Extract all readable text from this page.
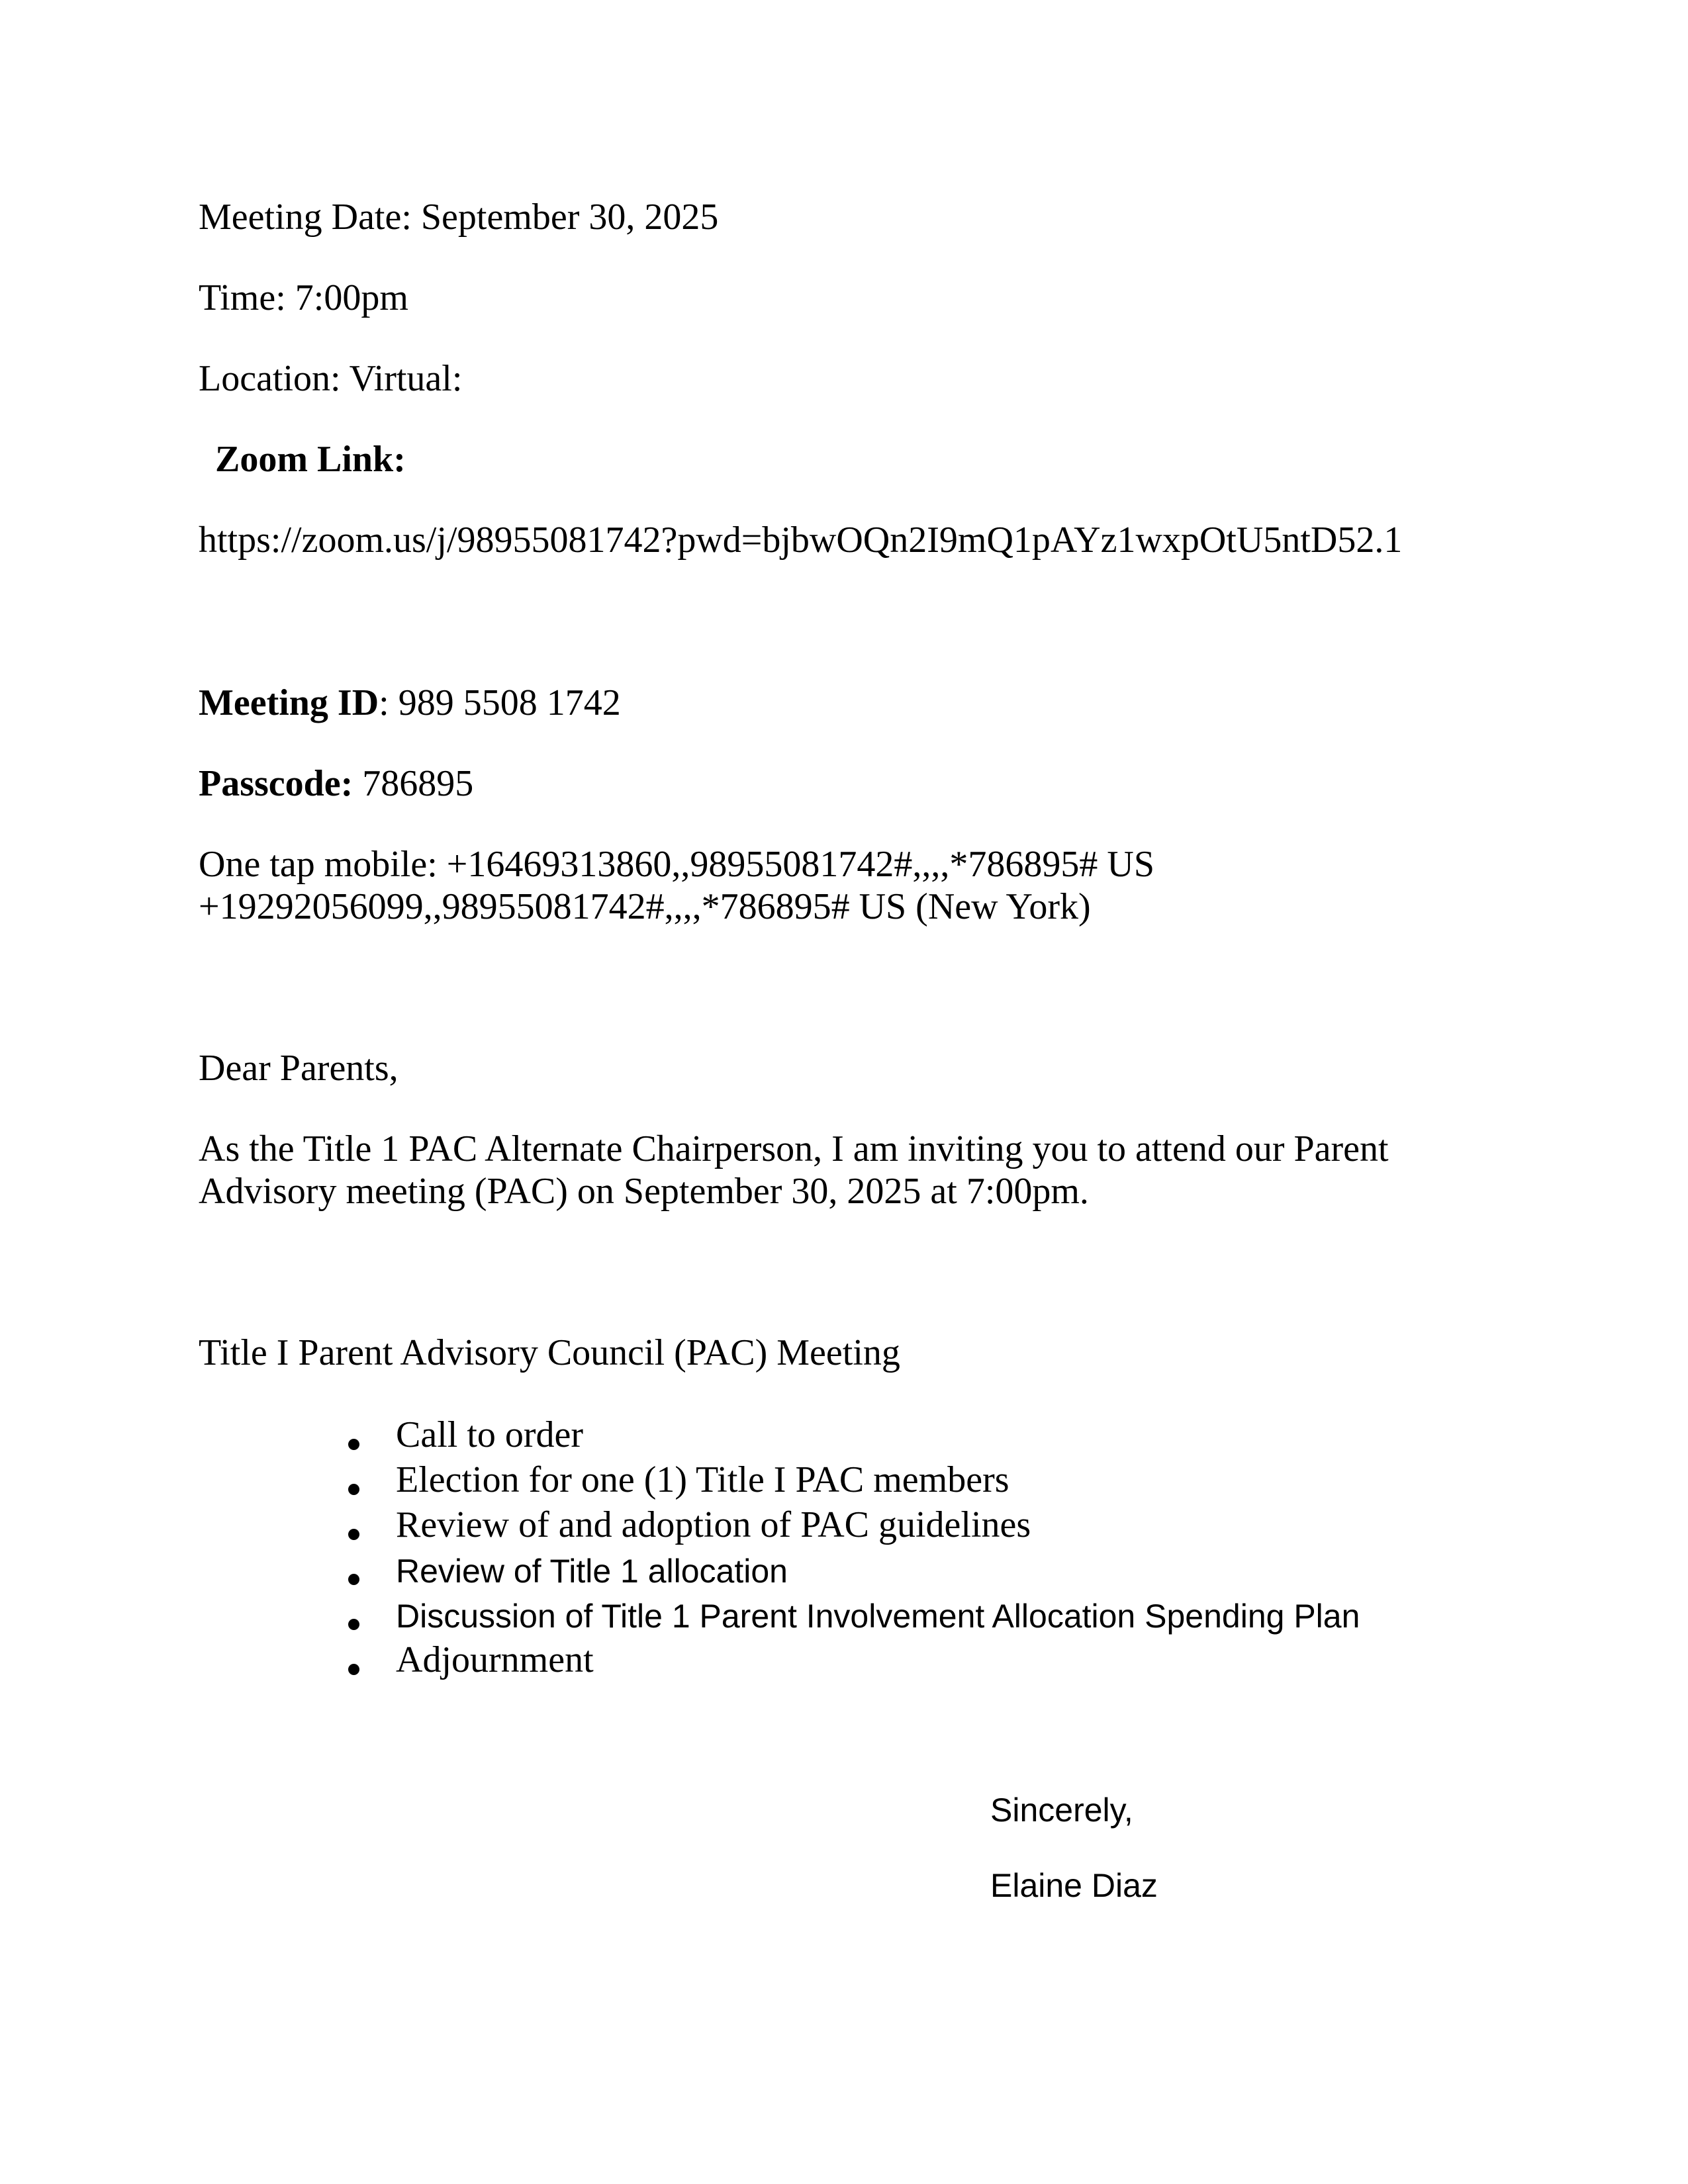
Meeting Date: September 30, 2025

Time: 7:00pm

Location: Virtual:

Zoom Link:

https://zoom.us/j/98955081742?pwd=bjbwOQn2I9mQ1pAYz1wxpOtU5ntD52.1

Meeting ID: 989 5508 1742

Passcode: 786895

One tap mobile: +16469313860,,98955081742#,,,,*786895# US

+19292056099,,98955081742#,,,,*786895# US (New York)

Dear Parents,

As the Title 1 PAC Alternate Chairperson, I am inviting you to attend our Parent

Advisory meeting (PAC) on September 30, 2025 at 7:00pm.

Title I Parent Advisory Council (PAC) Meeting

Call to order

Election for one (1) Title I PAC members

Review of and adoption of PAC guidelines

Review of Title 1 allocation

Discussion of Title 1 Parent Involvement Allocation Spending Plan

Adjournment

Sincerely,

Elaine Diaz
